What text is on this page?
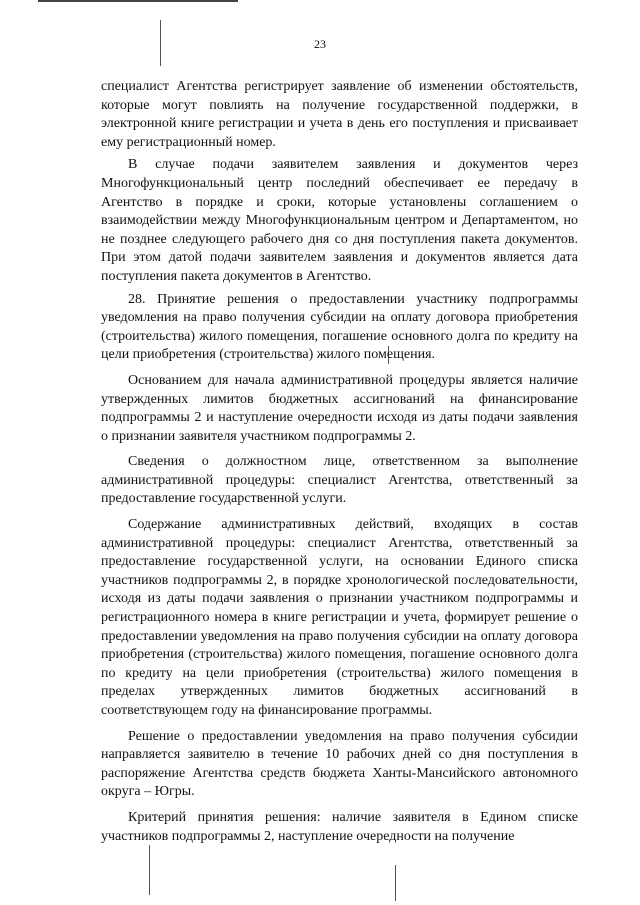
23

специалист Агентства регистрирует заявление об изменении обстоятельств, которые могут повлиять на получение государственной поддержки, в электронной книге регистрации и учета в день его поступления и присваивает ему регистрационный номер.

В случае подачи заявителем заявления и документов через Многофункциональный центр последний обеспечивает ее передачу в Агентство в порядке и сроки, которые установлены соглашением о взаимодействии между Многофункциональным центром и Департаментом, но не позднее следующего рабочего дня со дня поступления пакета документов. При этом датой подачи заявителем заявления и документов является дата поступления пакета документов в Агентство.

28. Принятие решения о предоставлении участнику подпрограммы уведомления на право получения субсидии на оплату договора приобретения (строительства) жилого помещения, погашение основного долга по кредиту на цели приобретения (строительства) жилого помещения.

Основанием для начала административной процедуры является наличие утвержденных лимитов бюджетных ассигнований на финансирование подпрограммы 2 и наступление очередности исходя из даты подачи заявления о признании заявителя участником подпрограммы 2.

Сведения о должностном лице, ответственном за выполнение административной процедуры: специалист Агентства, ответственный за предоставление государственной услуги.

Содержание административных действий, входящих в состав административной процедуры: специалист Агентства, ответственный за предоставление государственной услуги, на основании Единого списка участников подпрограммы 2, в порядке хронологической последовательности, исходя из даты подачи заявления о признании участником подпрограммы и регистрационного номера в книге регистрации и учета, формирует решение о предоставлении уведомления на право получения субсидии на оплату договора приобретения (строительства) жилого помещения, погашение основного долга по кредиту на цели приобретения (строительства) жилого помещения в пределах утвержденных лимитов бюджетных ассигнований в соответствующем году на финансирование программы.

Решение о предоставлении уведомления на право получения субсидии направляется заявителю в течение 10 рабочих дней со дня поступления в распоряжение Агентства средств бюджета Ханты-Мансийского автономного округа – Югры.

Критерий принятия решения: наличие заявителя в Едином списке участников подпрограммы 2, наступление очередности на получение
